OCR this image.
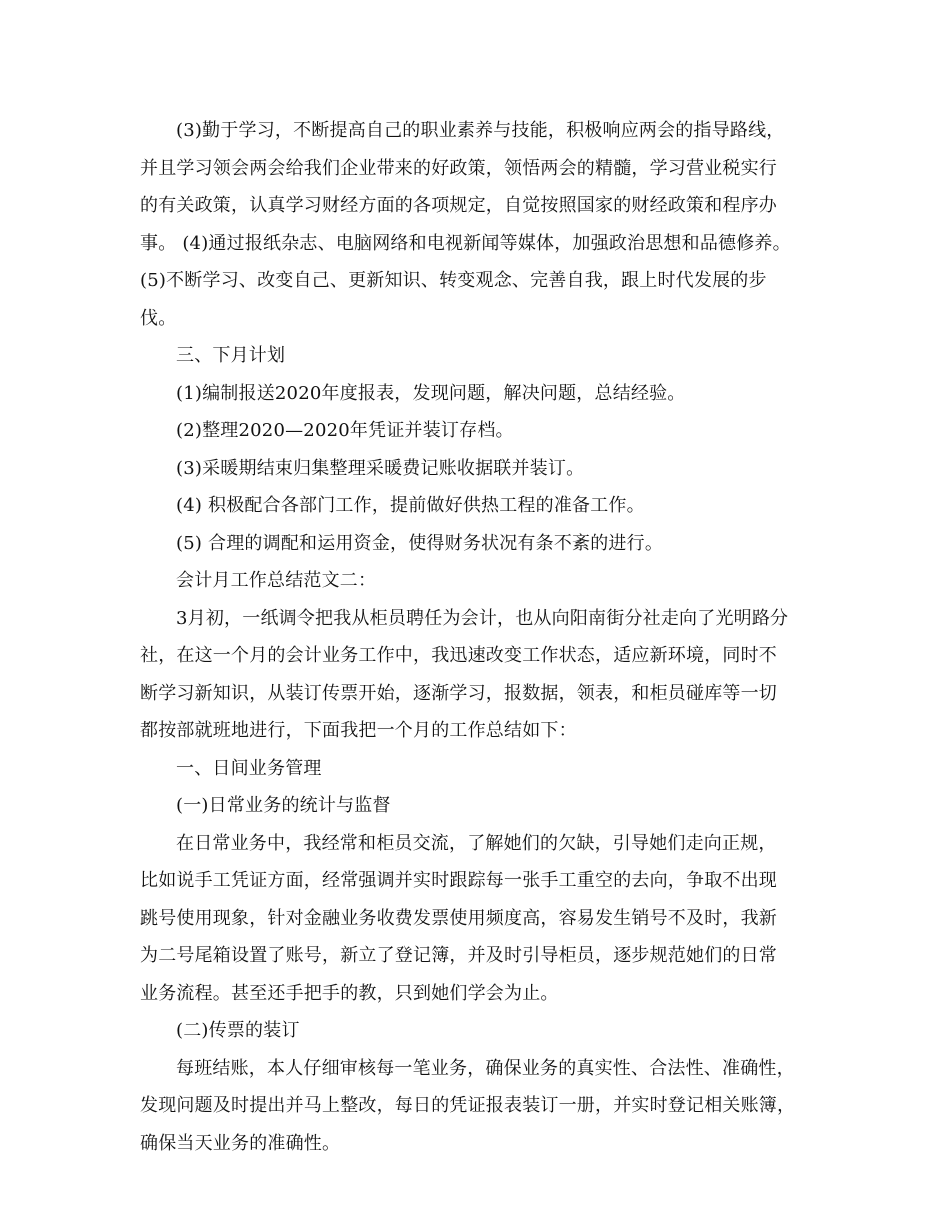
(3)勤于学习，不断提高自己的职业素养与技能，积极响应两会的指导路线，

并且学习领会两会给我们企业带来的好政策，领悟两会的精髓，学习营业税实行

的有关政策，认真学习财经方面的各项规定，自觉按照国家的财经政策和程序办

事。 (4)通过报纸杂志、电脑网络和电视新闻等媒体，加强政治思想和品德修养。

(5)不断学习、改变自己、更新知识、转变观念、完善自我，跟上时代发展的步

伐。

三、下月计划

(1)编制报送2020年度报表，发现问题，解决问题，总结经验。

(2)整理2020—2020年凭证并装订存档。

(3)采暖期结束归集整理采暖费记账收据联并装订。

(4) 积极配合各部门工作，提前做好供热工程的准备工作。

(5) 合理的调配和运用资金，使得财务状况有条不紊的进行。

会计月工作总结范文二：

3月初，一纸调令把我从柜员聘任为会计，也从向阳南街分社走向了光明路分

社，在这一个月的会计业务工作中，我迅速改变工作状态，适应新环境，同时不

断学习新知识，从装订传票开始，逐渐学习，报数据，领表，和柜员碰库等一切

都按部就班地进行，下面我把一个月的工作总结如下：

一、日间业务管理

(一)日常业务的统计与监督

在日常业务中，我经常和柜员交流，了解她们的欠缺，引导她们走向正规，

比如说手工凭证方面，经常强调并实时跟踪每一张手工重空的去向，争取不出现

跳号使用现象，针对金融业务收费发票使用频度高，容易发生销号不及时，我新

为二号尾箱设置了账号，新立了登记簿，并及时引导柜员，逐步规范她们的日常

业务流程。甚至还手把手的教，只到她们学会为止。

(二)传票的装订

每班结账，本人仔细审核每一笔业务，确保业务的真实性、合法性、准确性，

发现问题及时提出并马上整改，每日的凭证报表装订一册，并实时登记相关账簿，

确保当天业务的准确性。
